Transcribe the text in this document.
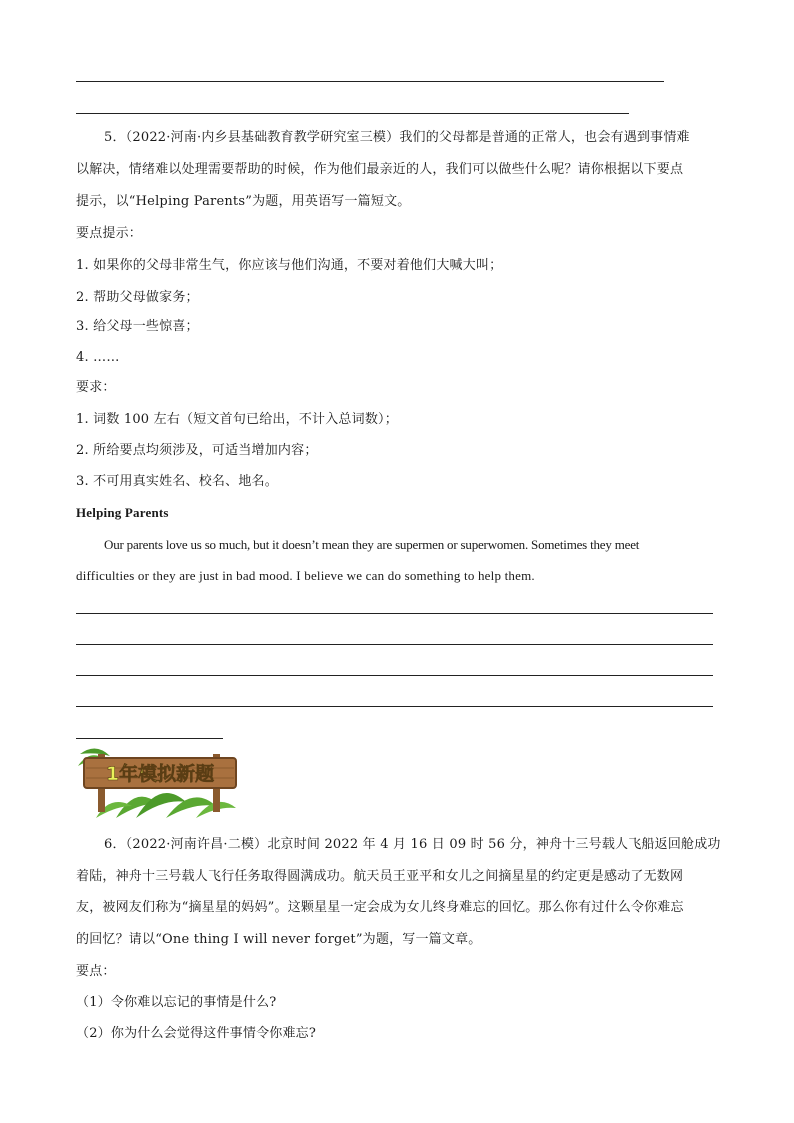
5．（2022·河南·内乡县基础教育教学研究室三模）我们的父母都是普通的正常人，也会有遇到事情难
以解决，情绪难以处理需要帮助的时候，作为他们最亲近的人，我们可以做些什么呢？请你根据以下要点
提示，以“Helping Parents”为题，用英语写一篇短文。
要点提示：
1. 如果你的父母非常生气，你应该与他们沟通，不要对着他们大喊大叫；
2. 帮助父母做家务；
3. 给父母一些惊喜；
4. ……
要求：
1. 词数 100 左右（短文首句已给出，不计入总词数）；
2. 所给要点均须涉及，可适当增加内容；
3. 不可用真实姓名、校名、地名。
Helping Parents
Our parents love us so much, but it doesn’t mean they are supermen or superwomen. Sometimes they meet
difficulties or they are just in bad mood. I believe we can do something to help them.
1年模拟新题
6．（2022·河南许昌·二模）北京时间 2022 年 4 月 16 日 09 时 56 分，神舟十三号载人飞船返回舱成功
着陆，神舟十三号载人飞行任务取得圆满成功。航天员王亚平和女儿之间摘星星的约定更是感动了无数网
友，被网友们称为“摘星星的妈妈”。这颗星星一定会成为女儿终身难忘的回忆。那么你有过什么令你难忘
的回忆？请以“One thing I will never forget”为题，写一篇文章。
要点：
（1）令你难以忘记的事情是什么?
（2）你为什么会觉得这件事情令你难忘?
